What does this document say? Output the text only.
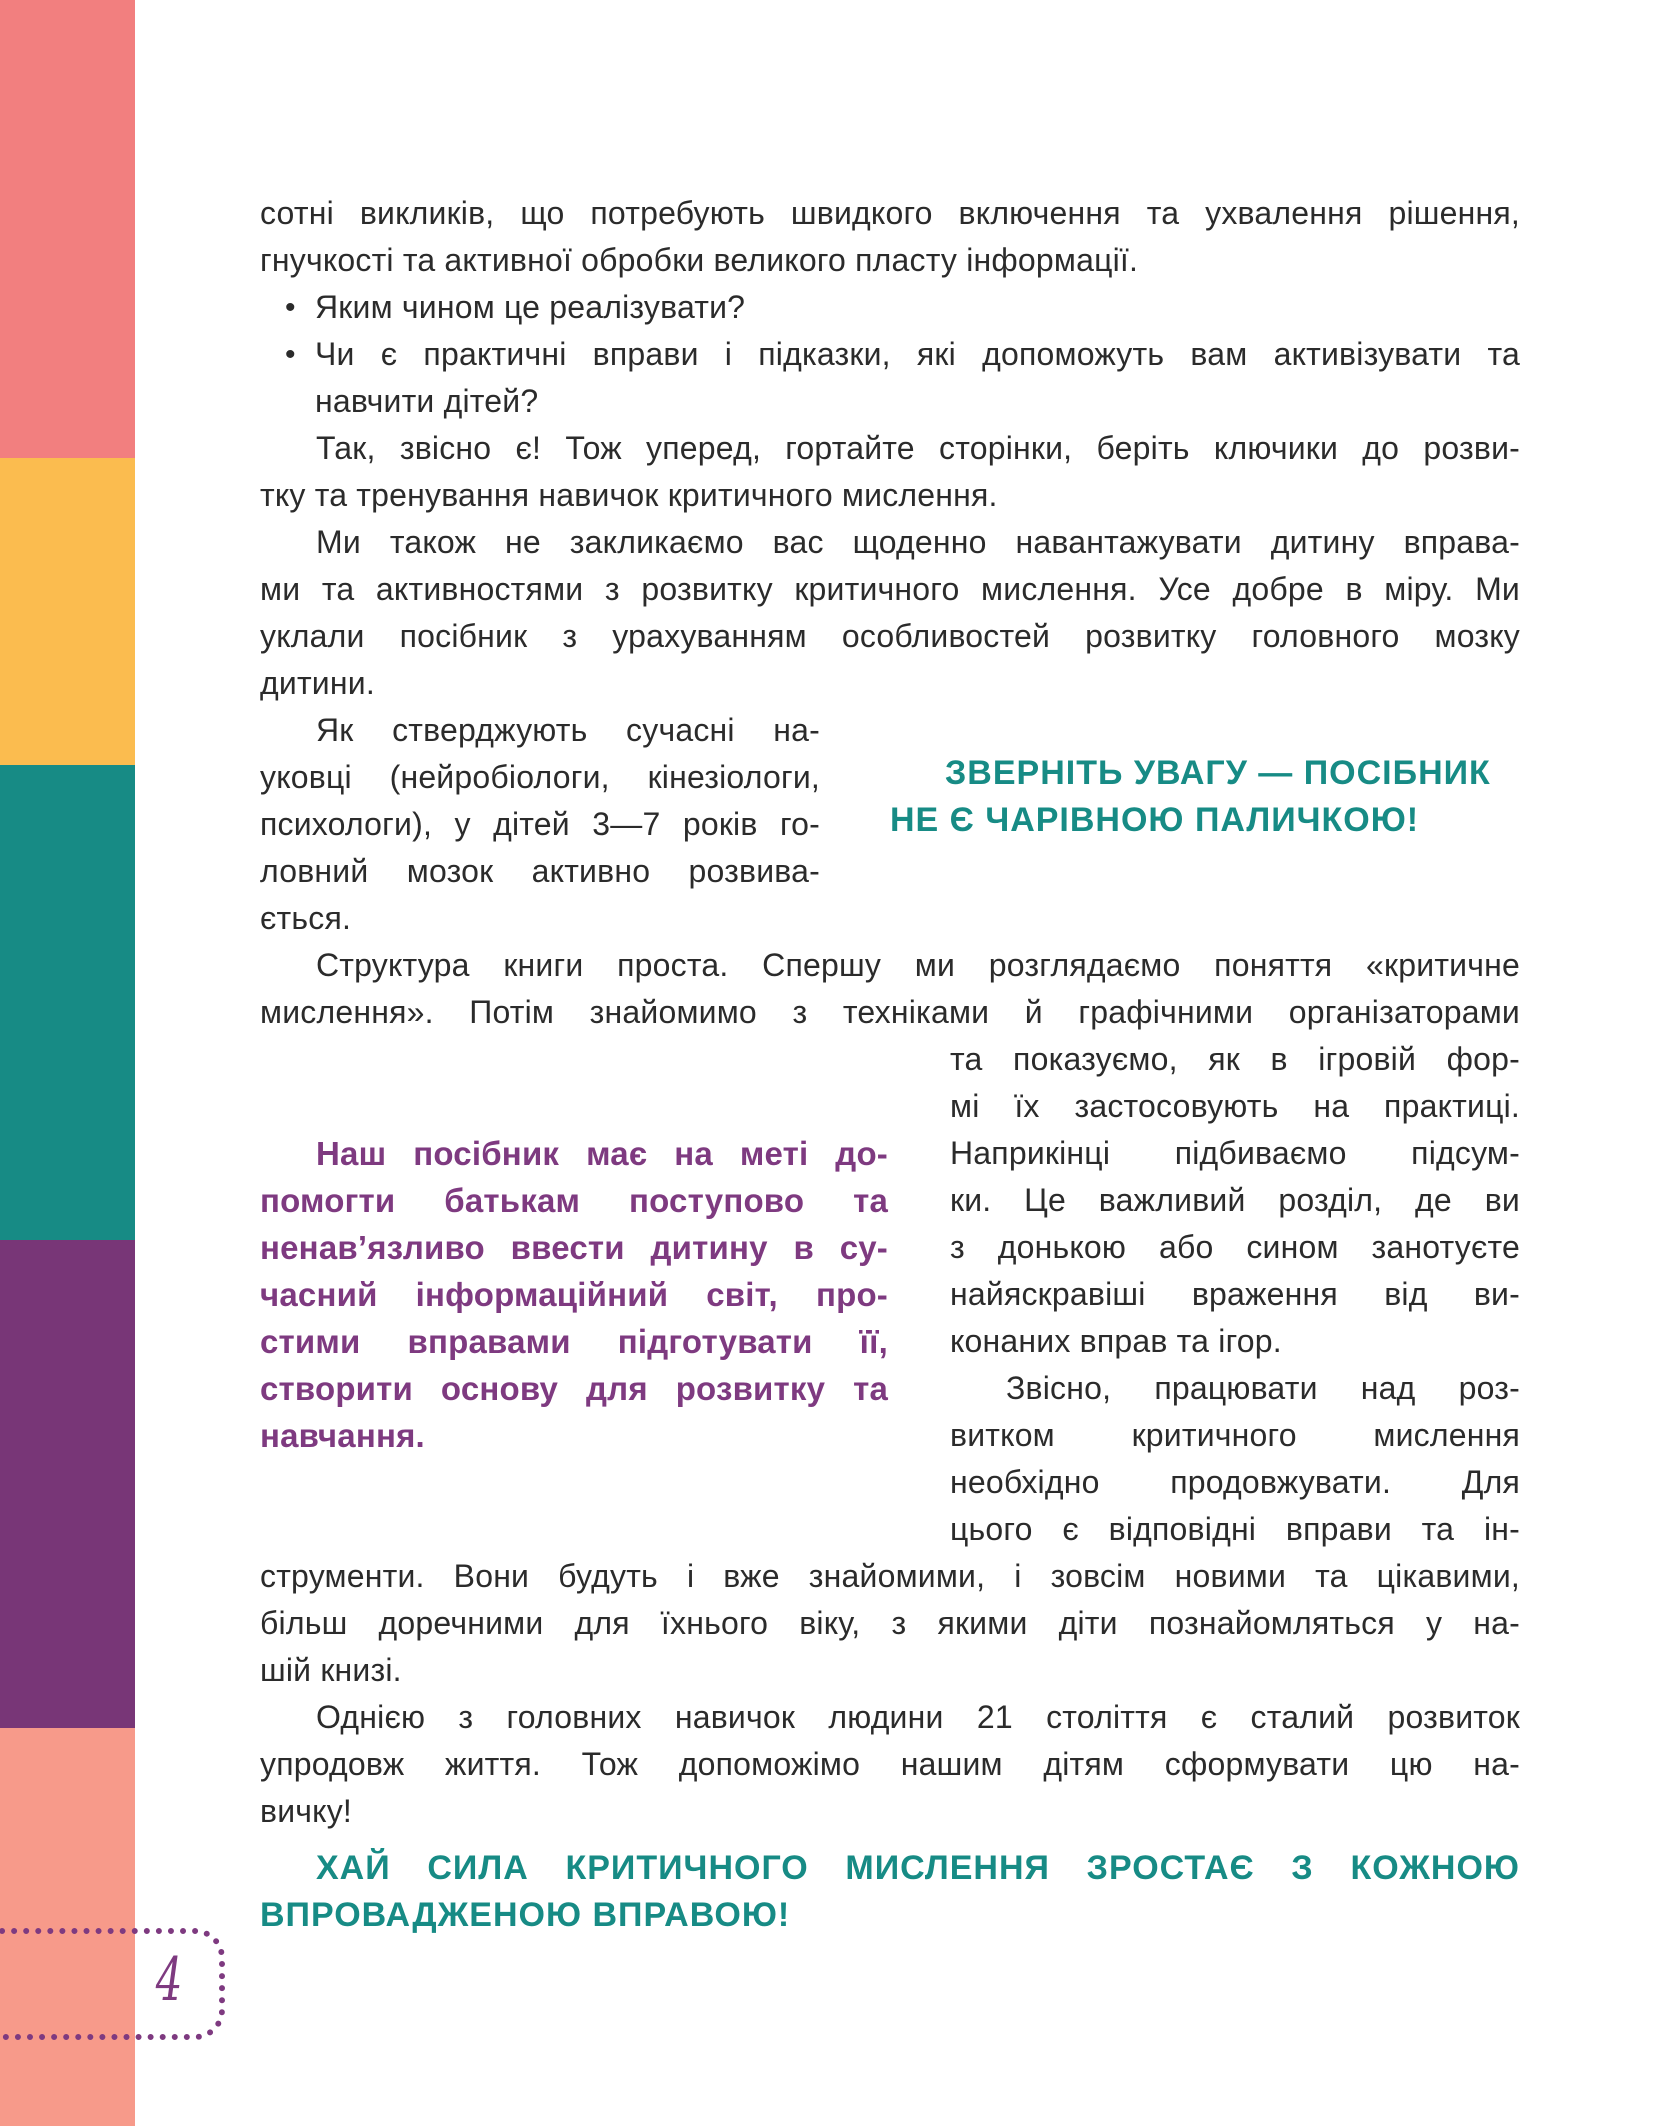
сотні викликів, що потребують швидкого включення та ухвалення рішення,
гнучкості та активної обробки великого пласту інформації.
• Яким чином це реалізувати?
• Чи є практичні вправи і підказки, які допоможуть вам активізувати та
навчити дітей?
Так, звісно є! Тож уперед, гортайте сторінки, беріть ключики до розви-
тку та тренування навичок критичного мислення.
Ми також не закликаємо вас щоденно навантажувати дитину вправа-
ми та активностями з розвитку критичного мислення. Усе добре в міру. Ми
уклали посібник з урахуванням особливостей розвитку головного мозку
дитини.
Як стверджують сучасні на-
уковці (нейробіологи, кінезіологи,
психологи), у дітей 3—7 років го-
ловний мозок активно розвива-
ється.
ЗВЕРНІТЬ УВАГУ — ПОСІБНИК
НЕ Є ЧАРІВНОЮ ПАЛИЧКОЮ!
Структура книги проста. Спершу ми розглядаємо поняття «критичне
мислення». Потім знайомимо з техніками й графічними організаторами
та показуємо, як в ігровій фор-
мі їх застосовують на практиці.
Наприкінці підбиваємо підсум-
ки. Це важливий розділ, де ви
з донькою або сином занотуєте
найяскравіші враження від ви-
конаних вправ та ігор.
Наш посібник має на меті до-
помогти батькам поступово та
ненав’язливо ввести дитину в су-
часний інформаційний світ, про-
стими вправами підготувати її,
створити основу для розвитку та
навчання.
Звісно, працювати над роз-
витком критичного мислення
необхідно продовжувати. Для
цього є відповідні вправи та ін-
струменти. Вони будуть і вже знайомими, і зовсім новими та цікавими,
більш доречними для їхнього віку, з якими діти познайомляться у на-
шій книзі.
Однією з головних навичок людини 21 століття є сталий розвиток
упродовж життя. Тож допоможімо нашим дітям сформувати цю на-
вичку!
ХАЙ СИЛА КРИТИЧНОГО МИСЛЕННЯ ЗРОСТАЄ З КОЖНОЮ
ВПРОВАДЖЕНОЮ ВПРАВОЮ!
4
